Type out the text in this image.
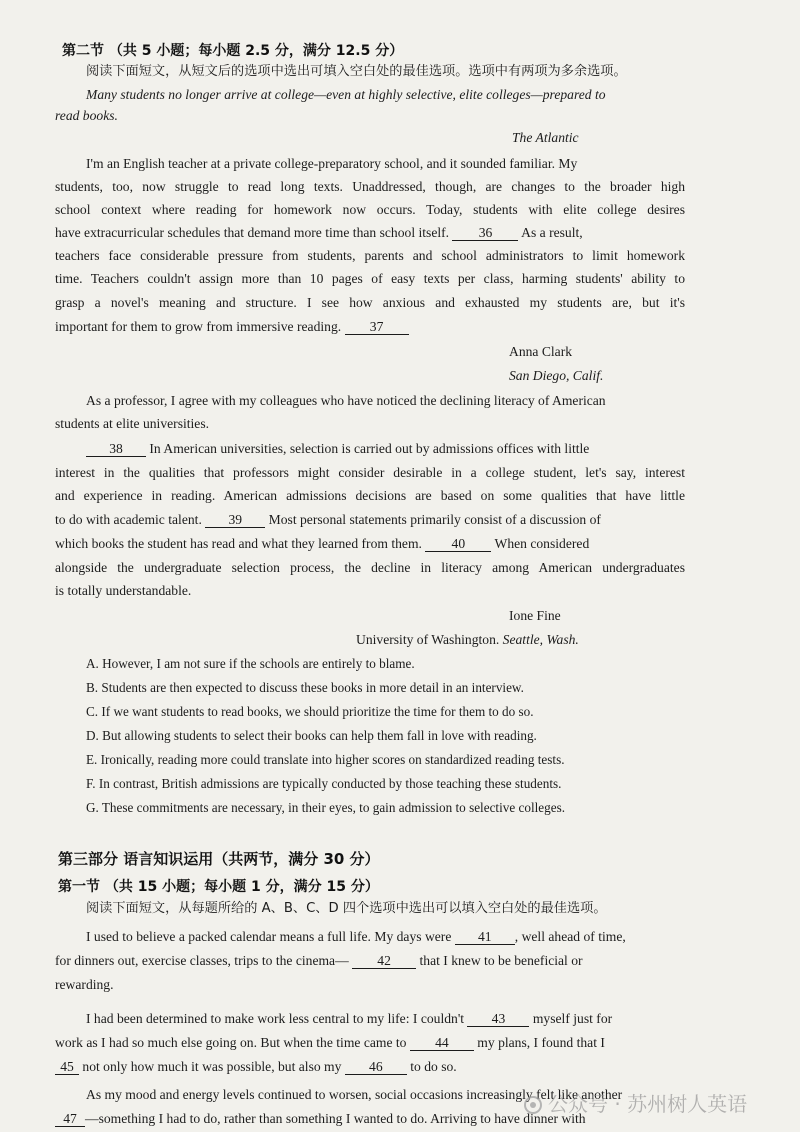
第二节 （共 5 小题；每小题 2.5 分，满分 12.5 分）
阅读下面短文，从短文后的选项中选出可填入空白处的最佳选项。选项中有两项为多余选项。
Many students no longer arrive at college—even at highly selective, elite colleges—prepared to
read books.
The Atlantic
I'm an English teacher at a private college-preparatory school, and it sounded familiar. My
students, too, now struggle to read long texts. Unaddressed, though, are changes to the broader high
school context where reading for homework now occurs. Today, students with elite college desires
have extracurricular schedules that demand more time than school itself. 36 As a result,
teachers face considerable pressure from students, parents and school administrators to limit homework
time. Teachers couldn't assign more than 10 pages of easy texts per class, harming students' ability to
grasp a novel's meaning and structure. I see how anxious and exhausted my students are, but it's
important for them to grow from immersive reading. 37
Anna Clark
San Diego, Calif.
As a professor, I agree with my colleagues who have noticed the declining literacy of American
students at elite universities.
38 In American universities, selection is carried out by admissions offices with little
interest in the qualities that professors might consider desirable in a college student, let's say, interest
and experience in reading. American admissions decisions are based on some qualities that have little
to do with academic talent. 39 Most personal statements primarily consist of a discussion of
which books the student has read and what they learned from them. 40 When considered
alongside the undergraduate selection process, the decline in literacy among American undergraduates
is totally understandable.
Ione Fine
University of Washington. Seattle, Wash.
A. However, I am not sure if the schools are entirely to blame.
B. Students are then expected to discuss these books in more detail in an interview.
C. If we want students to read books, we should prioritize the time for them to do so.
D. But allowing students to select their books can help them fall in love with reading.
E. Ironically, reading more could translate into higher scores on standardized reading tests.
F. In contrast, British admissions are typically conducted by those teaching these students.
G. These commitments are necessary, in their eyes, to gain admission to selective colleges.
第三部分 语言知识运用（共两节，满分 30 分）
第一节 （共 15 小题；每小题 1 分，满分 15 分）
阅读下面短文，从每题所给的 A、B、C、D 四个选项中选出可以填入空白处的最佳选项。
I used to believe a packed calendar means a full life. My days were 41 , well ahead of time,
for dinners out, exercise classes, trips to the cinema— 42 that I knew to be beneficial or
rewarding.
I had been determined to make work less central to my life: I couldn't 43 myself just for
work as I had so much else going on. But when the time came to 44 my plans, I found that I
45 not only how much it was possible, but also my 46 to do so.
As my mood and energy levels continued to worsen, social occasions increasingly felt like another
47 —something I had to do, rather than something I wanted to do. Arriving to have dinner with
公众号 · 苏州树人英语
